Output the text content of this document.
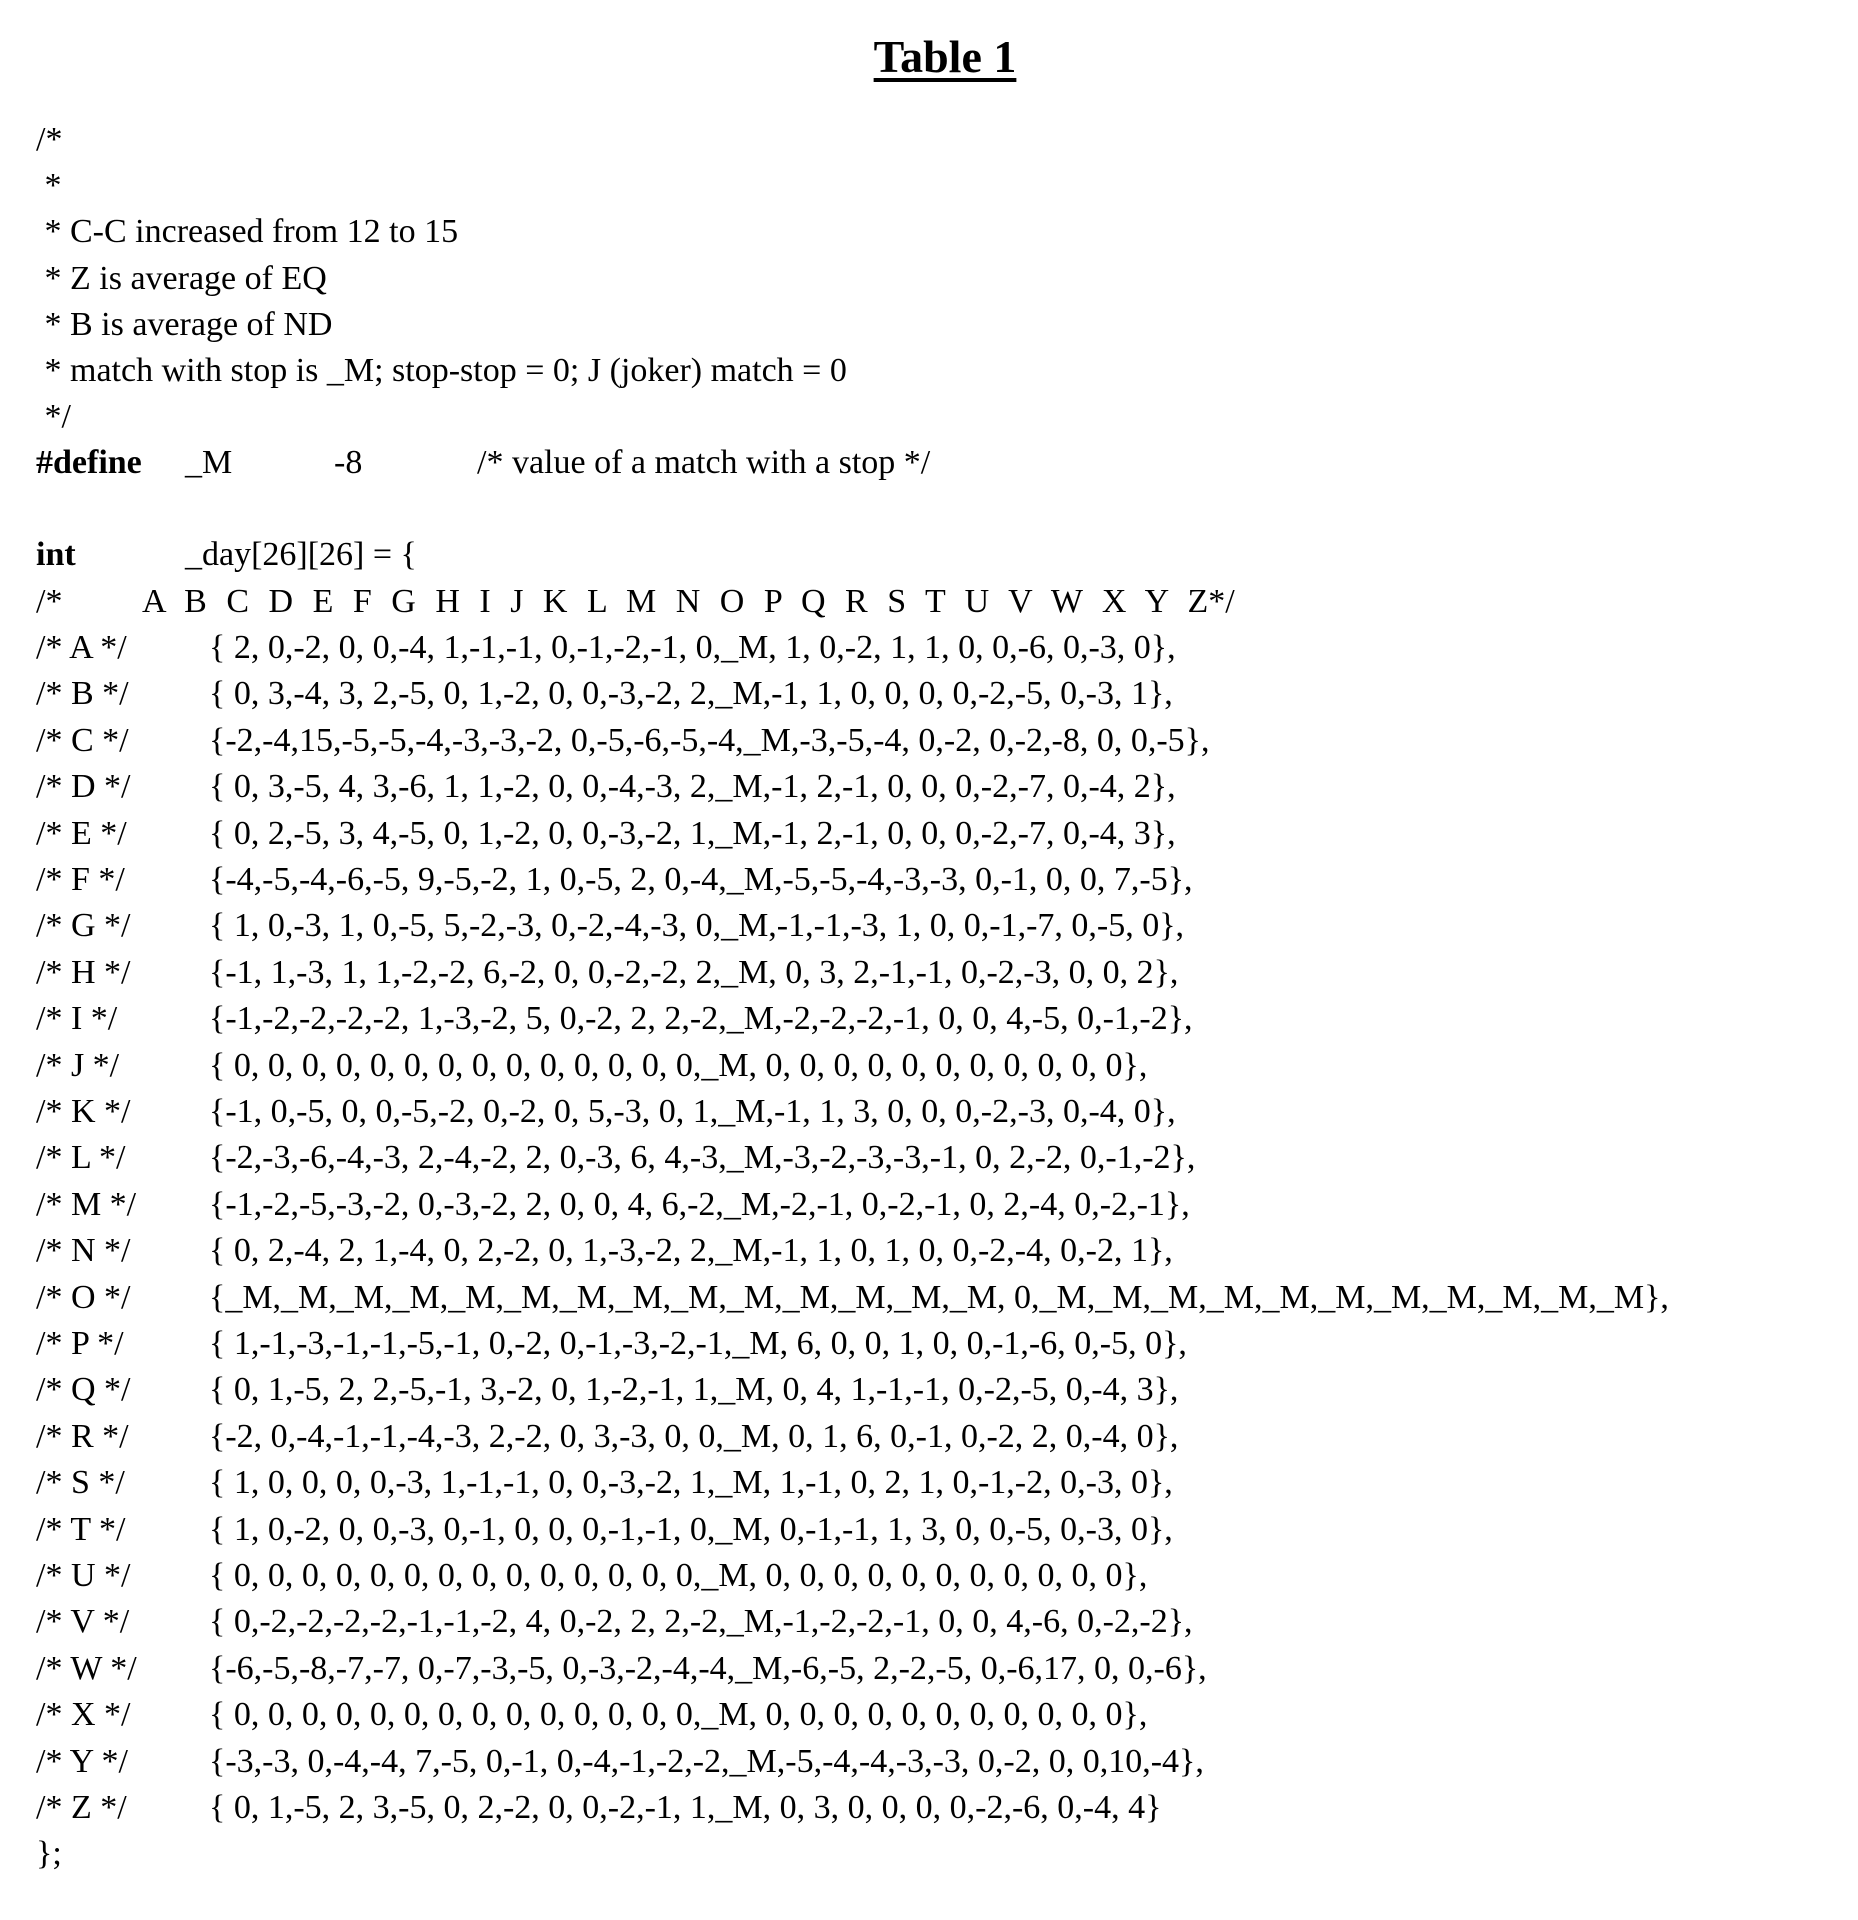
Table 1
/*
*
* C-C increased from 12 to 15
* Z is average of EQ
* B is average of ND
* match with stop is _M; stop-stop = 0; J (joker) match = 0
*/
#define _M	-8	/* value of a match with a stop */
int	_day[26][26] = {
/* A B C D E F G H I J K L M N O P Q R S T U V W X Y Z*/
/* A */ { 2, 0,-2, 0, 0,-4, 1,-1,-1, 0,-1,-2,-1, 0,_M, 1, 0,-2, 1, 1, 0, 0,-6, 0,-3, 0},
/* B */ { 0, 3,-4, 3, 2,-5, 0, 1,-2, 0, 0,-3,-2, 2,_M,-1, 1, 0, 0, 0, 0,-2,-5, 0,-3, 1},
/* C */ {-2,-4,15,-5,-5,-4,-3,-3,-2, 0,-5,-6,-5,-4,_M,-3,-5,-4, 0,-2, 0,-2,-8, 0, 0,-5},
/* D */ { 0, 3,-5, 4, 3,-6, 1, 1,-2, 0, 0,-4,-3, 2,_M,-1, 2,-1, 0, 0, 0,-2,-7, 0,-4, 2},
/* E */ { 0, 2,-5, 3, 4,-5, 0, 1,-2, 0, 0,-3,-2, 1,_M,-1, 2,-1, 0, 0, 0,-2,-7, 0,-4, 3},
/* F */ {-4,-5,-4,-6,-5, 9,-5,-2, 1, 0,-5, 2, 0,-4,_M,-5,-5,-4,-3,-3, 0,-1, 0, 0, 7,-5},
/* G */ { 1, 0,-3, 1, 0,-5, 5,-2,-3, 0,-2,-4,-3, 0,_M,-1,-1,-3, 1, 0, 0,-1,-7, 0,-5, 0},
/* H */ {-1, 1,-3, 1, 1,-2,-2, 6,-2, 0, 0,-2,-2, 2,_M, 0, 3, 2,-1,-1, 0,-2,-3, 0, 0, 2},
/* I */	{-1,-2,-2,-2,-2, 1,-3,-2, 5, 0,-2, 2, 2,-2,_M,-2,-2,-2,-1, 0, 0, 4,-5, 0,-1,-2},
/* J */	{ 0, 0, 0, 0, 0, 0, 0, 0, 0, 0, 0, 0, 0, 0,_M, 0, 0, 0, 0, 0, 0, 0, 0, 0, 0, 0},
/* K */ {-1, 0,-5, 0, 0,-5,-2, 0,-2, 0, 5,-3, 0, 1,_M,-1, 1, 3, 0, 0, 0,-2,-3, 0,-4, 0},
/* L */ {-2,-3,-6,-4,-3, 2,-4,-2, 2, 0,-3, 6, 4,-3,_M,-3,-2,-3,-3,-1, 0, 2,-2, 0,-1,-2},
/* M */ {-1,-2,-5,-3,-2, 0,-3,-2, 2, 0, 0, 4, 6,-2,_M,-2,-1, 0,-2,-1, 0, 2,-4, 0,-2,-1},
/* N */ { 0, 2,-4, 2, 1,-4, 0, 2,-2, 0, 1,-3,-2, 2,_M,-1, 1, 0, 1, 0, 0,-2,-4, 0,-2, 1},
/* O */ {_M,_M,_M,_M,_M,_M,_M,_M,_M,_M,_M,_M,_M,_M, 0,_M,_M,_M,_M,_M,_M,_M,_M,_M,_M,_M},
/* P */	{ 1,-1,-3,-1,-1,-5,-1, 0,-2, 0,-1,-3,-2,-1,_M, 6, 0, 0, 1, 0, 0,-1,-6, 0,-5, 0},
/* Q */ { 0, 1,-5, 2, 2,-5,-1, 3,-2, 0, 1,-2,-1, 1,_M, 0, 4, 1,-1,-1, 0,-2,-5, 0,-4, 3},
/* R */ {-2, 0,-4,-1,-1,-4,-3, 2,-2, 0, 3,-3, 0, 0,_M, 0, 1, 6, 0,-1, 0,-2, 2, 0,-4, 0},
/* S */ { 1, 0, 0, 0, 0,-3, 1,-1,-1, 0, 0,-3,-2, 1,_M, 1,-1, 0, 2, 1, 0,-1,-2, 0,-3, 0},
/* T */ { 1, 0,-2, 0, 0,-3, 0,-1, 0, 0, 0,-1,-1, 0,_M, 0,-1,-1, 1, 3, 0, 0,-5, 0,-3, 0},
/* U */ { 0, 0, 0, 0, 0, 0, 0, 0, 0, 0, 0, 0, 0, 0,_M, 0, 0, 0, 0, 0, 0, 0, 0, 0, 0, 0},
/* V */ { 0,-2,-2,-2,-2,-1,-1,-2, 4, 0,-2, 2, 2,-2,_M,-1,-2,-2,-1, 0, 0, 4,-6, 0,-2,-2},
/* W */ {-6,-5,-8,-7,-7, 0,-7,-3,-5, 0,-3,-2,-4,-4,_M,-6,-5, 2,-2,-5, 0,-6,17, 0, 0,-6},
/* X */ { 0, 0, 0, 0, 0, 0, 0, 0, 0, 0, 0, 0, 0, 0,_M, 0, 0, 0, 0, 0, 0, 0, 0, 0, 0, 0},
/* Y */ {-3,-3, 0,-4,-4, 7,-5, 0,-1, 0,-4,-1,-2,-2,_M,-5,-4,-4,-3,-3, 0,-2, 0, 0,10,-4},
/* Z */ { 0, 1,-5, 2, 3,-5, 0, 2,-2, 0, 0,-2,-1, 1,_M, 0, 3, 0, 0, 0, 0,-2,-6, 0,-4, 4}
};
